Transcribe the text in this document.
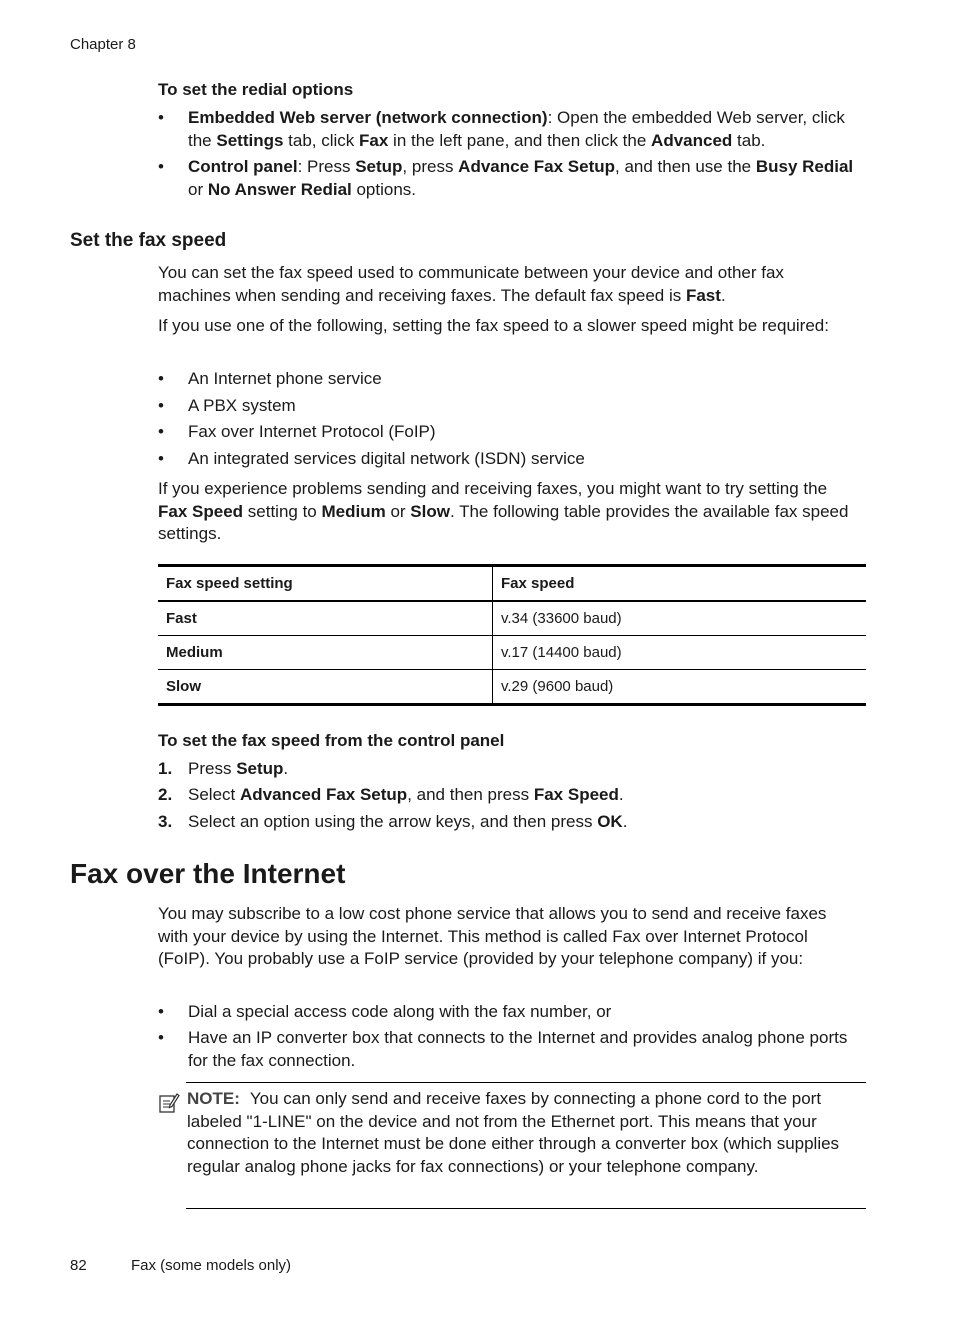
Chapter 8
To set the redial options
•	Embedded Web server (network connection): Open the embedded Web server, click the Settings tab, click Fax in the left pane, and then click the Advanced tab.
•	Control panel: Press Setup, press Advance Fax Setup, and then use the Busy Redial or No Answer Redial options.
Set the fax speed
You can set the fax speed used to communicate between your device and other fax machines when sending and receiving faxes. The default fax speed is Fast.
If you use one of the following, setting the fax speed to a slower speed might be required:
•	An Internet phone service
•	A PBX system
•	Fax over Internet Protocol (FoIP)
•	An integrated services digital network (ISDN) service
If you experience problems sending and receiving faxes, you might want to try setting the Fax Speed setting to Medium or Slow. The following table provides the available fax speed settings.
Fax speed setting	Fax speed
Fast	v.34 (33600 baud)
Medium	v.17 (14400 baud)
Slow	v.29 (9600 baud)
To set the fax speed from the control panel
1. Press Setup.
2. Select Advanced Fax Setup, and then press Fax Speed.
3. Select an option using the arrow keys, and then press OK.
Fax over the Internet
You may subscribe to a low cost phone service that allows you to send and receive faxes with your device by using the Internet. This method is called Fax over Internet Protocol (FoIP). You probably use a FoIP service (provided by your telephone company) if you:
•	Dial a special access code along with the fax number, or
•	Have an IP converter box that connects to the Internet and provides analog phone ports for the fax connection.
NOTE: You can only send and receive faxes by connecting a phone cord to the port labeled "1-LINE" on the device and not from the Ethernet port. This means that your connection to the Internet must be done either through a converter box (which supplies regular analog phone jacks for fax connections) or your telephone company.
82	Fax (some models only)
